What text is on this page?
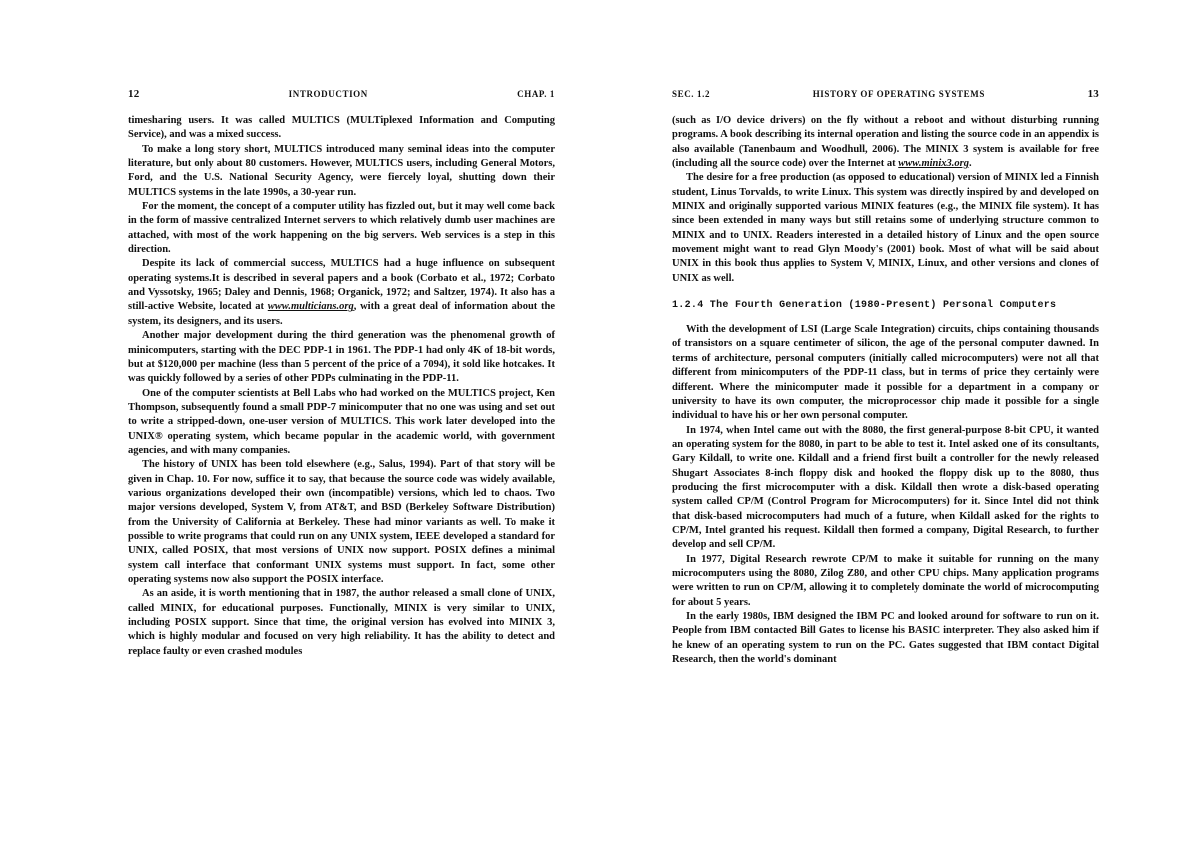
12	INTRODUCTION	CHAP. 1

timesharing users. It was called MULTICS (MULTiplexed Information and Computing Service), and was a mixed success.

To make a long story short, MULTICS introduced many seminal ideas into the computer literature, but only about 80 customers. However, MULTICS users, including General Motors, Ford, and the U.S. National Security Agency, were fiercely loyal, shutting down their MULTICS systems in the late 1990s, a 30-year run.

For the moment, the concept of a computer utility has fizzled out, but it may well come back in the form of massive centralized Internet servers to which relatively dumb user machines are attached, with most of the work happening on the big servers. Web services is a step in this direction.

Despite its lack of commercial success, MULTICS had a huge influence on subsequent operating systems.It is described in several papers and a book (Corbato et al., 1972; Corbato and Vyssotsky, 1965; Daley and Dennis, 1968; Organick, 1972; and Saltzer, 1974). It also has a still-active Website, located at www.multicians.org, with a great deal of information about the system, its designers, and its users.

Another major development during the third generation was the phenomenal growth of minicomputers, starting with the DEC PDP-1 in 1961. The PDP-1 had only 4K of 18-bit words, but at $120,000 per machine (less than 5 percent of the price of a 7094), it sold like hotcakes. It was quickly followed by a series of other PDPs culminating in the PDP-11.

One of the computer scientists at Bell Labs who had worked on the MULTICS project, Ken Thompson, subsequently found a small PDP-7 minicomputer that no one was using and set out to write a stripped-down, one-user version of MULTICS. This work later developed into the UNIX® operating system, which became popular in the academic world, with government agencies, and with many companies.

The history of UNIX has been told elsewhere (e.g., Salus, 1994). Part of that story will be given in Chap. 10. For now, suffice it to say, that because the source code was widely available, various organizations developed their own (incompatible) versions, which led to chaos. Two major versions developed, System V, from AT&T, and BSD (Berkeley Software Distribution) from the University of California at Berkeley. These had minor variants as well. To make it possible to write programs that could run on any UNIX system, IEEE developed a standard for UNIX, called POSIX, that most versions of UNIX now support. POSIX defines a minimal system call interface that conformant UNIX systems must support. In fact, some other operating systems now also support the POSIX interface.

As an aside, it is worth mentioning that in 1987, the author released a small clone of UNIX, called MINIX, for educational purposes. Functionally, MINIX is very similar to UNIX, including POSIX support. Since that time, the original version has evolved into MINIX 3, which is highly modular and focused on very high reliability. It has the ability to detect and replace faulty or even crashed modules

SEC. 1.2	HISTORY OF OPERATING SYSTEMS	13

(such as I/O device drivers) on the fly without a reboot and without disturbing running programs. A book describing its internal operation and listing the source code in an appendix is also available (Tanenbaum and Woodhull, 2006). The MINIX 3 system is available for free (including all the source code) over the Internet at www.minix3.org.

The desire for a free production (as opposed to educational) version of MINIX led a Finnish student, Linus Torvalds, to write Linux. This system was directly inspired by and developed on MINIX and originally supported various MINIX features (e.g., the MINIX file system). It has since been extended in many ways but still retains some of underlying structure common to MINIX and to UNIX. Readers interested in a detailed history of Linux and the open source movement might want to read Glyn Moody's (2001) book. Most of what will be said about UNIX in this book thus applies to System V, MINIX, Linux, and other versions and clones of UNIX as well.

1.2.4 The Fourth Generation (1980-Present) Personal Computers

With the development of LSI (Large Scale Integration) circuits, chips containing thousands of transistors on a square centimeter of silicon, the age of the personal computer dawned. In terms of architecture, personal computers (initially called microcomputers) were not all that different from minicomputers of the PDP-11 class, but in terms of price they certainly were different. Where the minicomputer made it possible for a department in a company or university to have its own computer, the microprocessor chip made it possible for a single individual to have his or her own personal computer.

In 1974, when Intel came out with the 8080, the first general-purpose 8-bit CPU, it wanted an operating system for the 8080, in part to be able to test it. Intel asked one of its consultants, Gary Kildall, to write one. Kildall and a friend first built a controller for the newly released Shugart Associates 8-inch floppy disk and hooked the floppy disk up to the 8080, thus producing the first microcomputer with a disk. Kildall then wrote a disk-based operating system called CP/M (Control Program for Microcomputers) for it. Since Intel did not think that disk-based microcomputers had much of a future, when Kildall asked for the rights to CP/M, Intel granted his request. Kildall then formed a company, Digital Research, to further develop and sell CP/M.

In 1977, Digital Research rewrote CP/M to make it suitable for running on the many microcomputers using the 8080, Zilog Z80, and other CPU chips. Many application programs were written to run on CP/M, allowing it to completely dominate the world of microcomputing for about 5 years.

In the early 1980s, IBM designed the IBM PC and looked around for software to run on it. People from IBM contacted Bill Gates to license his BASIC interpreter. They also asked him if he knew of an operating system to run on the PC. Gates suggested that IBM contact Digital Research, then the world's dominant
